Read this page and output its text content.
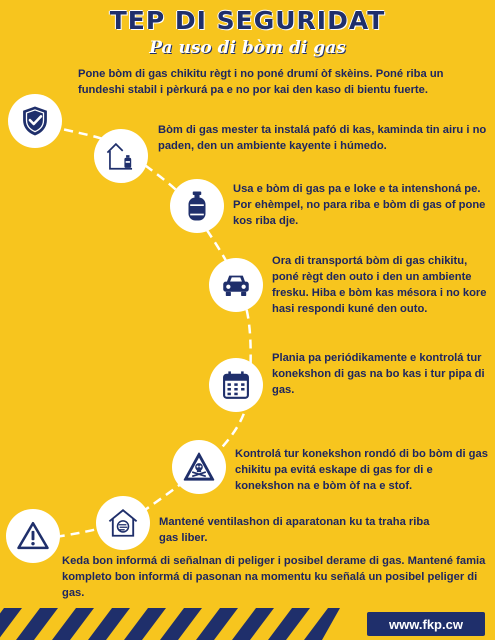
TEP DI SEGURIDAT
Pa uso di bòm di gas
Pone bòm di gas chikitu règt i no poné drumí òf skèins. Poné riba un fundeshi stabil i pèrkurá pa e no por kai den kaso di bientu fuerte.
Bòm di gas mester ta instalá pafó di kas, kaminda tin airu i no paden, den un ambiente kayente i húmedo.
Usa e bòm di gas pa e loke e ta intenshoná pe. Por ehèmpel, no para riba e bòm di gas of pone kos riba dje.
Ora di transportá bòm di gas chikitu, poné règt den outo i den un ambiente fresku. Hiba e bòm kas mésora i no kore hasi respondi kuné den outo.
Plania pa periódikamente e kontrolá tur konekshon di gas na bo kas i tur pipa di gas.
Kontrolá tur konekshon rondó di bo bòm di gas chikitu pa evitá eskape di gas for di e konekshon na e bòm òf na e stof.
Mantené ventilashon di aparatonan ku ta traha riba gas liber.
Keda bon informá di señalnan di peliger i posibel derame di gas. Mantené famia kompleto bon informá di pasonan na momentu ku señalá un posibel peliger di gas.
www.fkp.cw
